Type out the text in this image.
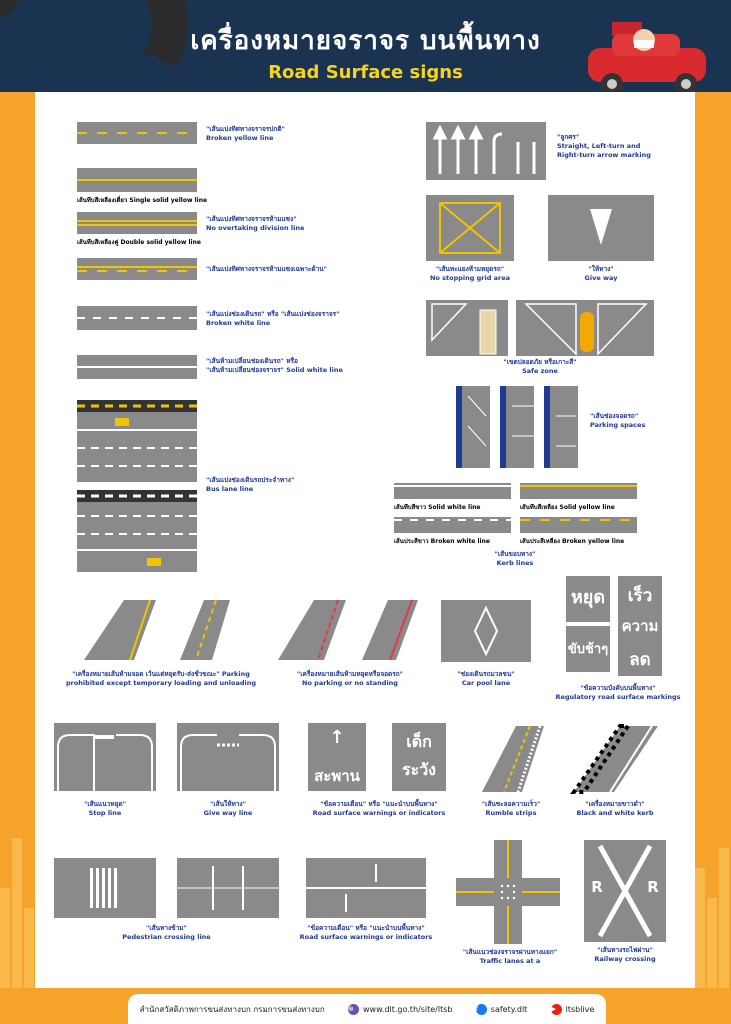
เครื่องหมายจราจร บนพื้นทาง
Road Surface signs
"เส้นแบ่งทิศทางจราจรปกติ"
Broken yellow line
เส้นทึบสีเหลืองเดี่ยว Single solid yellow line
เส้นทึบสีเหลืองคู่ Double solid yellow line
"เส้นแบ่งทิศทางจราจรห้ามแซง"
No overtaking division line
"เส้นแบ่งทิศทางจราจรห้ามแซงเฉพาะด้าน"
"เส้นแบ่งช่องเดินรถ" หรือ "เส้นแบ่งช่องจราจร"
Broken white line
"เส้นห้ามเปลี่ยนช่องเดินรถ" หรือ
"เส้นห้ามเปลี่ยนช่องจราจร" Solid white line
"เส้นแบ่งช่องเดินรถประจำทาง"
Bus lane line
"ลูกศร"
Straight, Left-turn and
Right-turn arrow marking
"เส้นทะแยงห้ามหยุดรถ"
No stopping grid area
"ให้ทาง"
Give way
"เขตปลอดภัย หรือเกาะสี"
Safe zone
"เส้นช่องจอดรถ"
Parking spaces
เส้นทึบสีขาว Solid white line	เส้นทึบสีเหลือง Solid yellow line
เส้นประสีขาว Broken white line	เส้นประสีเหลือง Broken yellow line
"เส้นขอบทาง"
Kerb lines
"เครื่องหมายเส้นห้ามจอด เว้นแต่หยุดรับ-ส่งชั่วขณะ" Parking
prohibited except temporary loading and unloading
"เครื่องหมายเส้นห้ามหยุดหรือจอดรถ"
No parking or no standing
"ช่องเดินรถมวลชน"
Car pool lane
หยุด
ขับช้าๆ
เร็ว
ความ
ลด
"ข้อความบังคับบนพื้นทาง"
Regulatory road surface markings
"เส้นแนวหยุด"
Stop line
"เส้นให้ทาง"
Give way line
↑
สะพาน
เด็ก
ระวัง
"ข้อความเตือน" หรือ "แนะนำบนพื้นทาง"
Road surface warnings or indicators
"เส้นชะลอความเร็ว"
Rumble strips
"เครื่องหมายขาวดำ"
Black and white kerb
"เส้นทางข้าม"
Pedestrian crossing line
"ข้อความเตือน" หรือ "แนะนำบนพื้นทาง"
Road surface warnings or indicators
"เส้นแนวช่องจราจรผ่านทางแยก"
Traffic lanes at a
R	R
"เส้นทางรถไฟผ่าน"
Railway crossing
สำนักสวัสดิภาพการขนส่งทางบก กรมการขนส่งทางบก	⊕	www.dlt.go.th/site/ltsb	f	safety.dlt	▶	ltsblive
